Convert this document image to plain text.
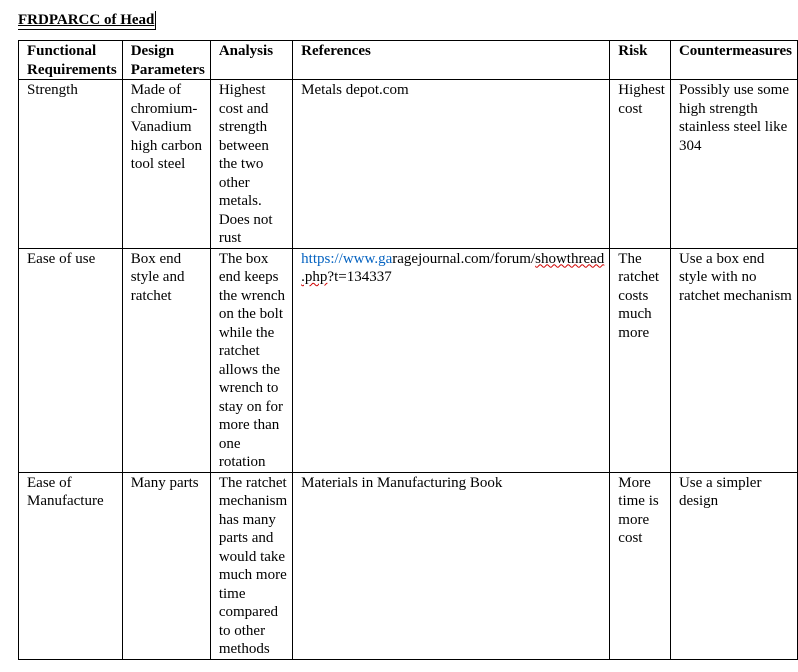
FRDPARCC of Head
Functional Requirements	Design Parameters	Analysis	References	Risk	Countermeasures
Strength	Made of chromium-Vanadium high carbon tool steel	Highest cost and strength between the two other metals. Does not rust	Metals depot.com	Highest cost	Possibly use some high strength stainless steel like 304
Ease of use	Box end style and ratchet	The box end keeps the wrench on the bolt while the ratchet allows the wrench to stay on for more than one rotation	https://www.garagejournal.com/forum/showthread .php?t=134337	The ratchet costs much more	Use a box end style with no ratchet mechanism
Ease of Manufacture	Many parts	The ratchet mechanism has many parts and would take much more time compared to other methods	Materials in Manufacturing Book	More time is more cost	Use a simpler design
